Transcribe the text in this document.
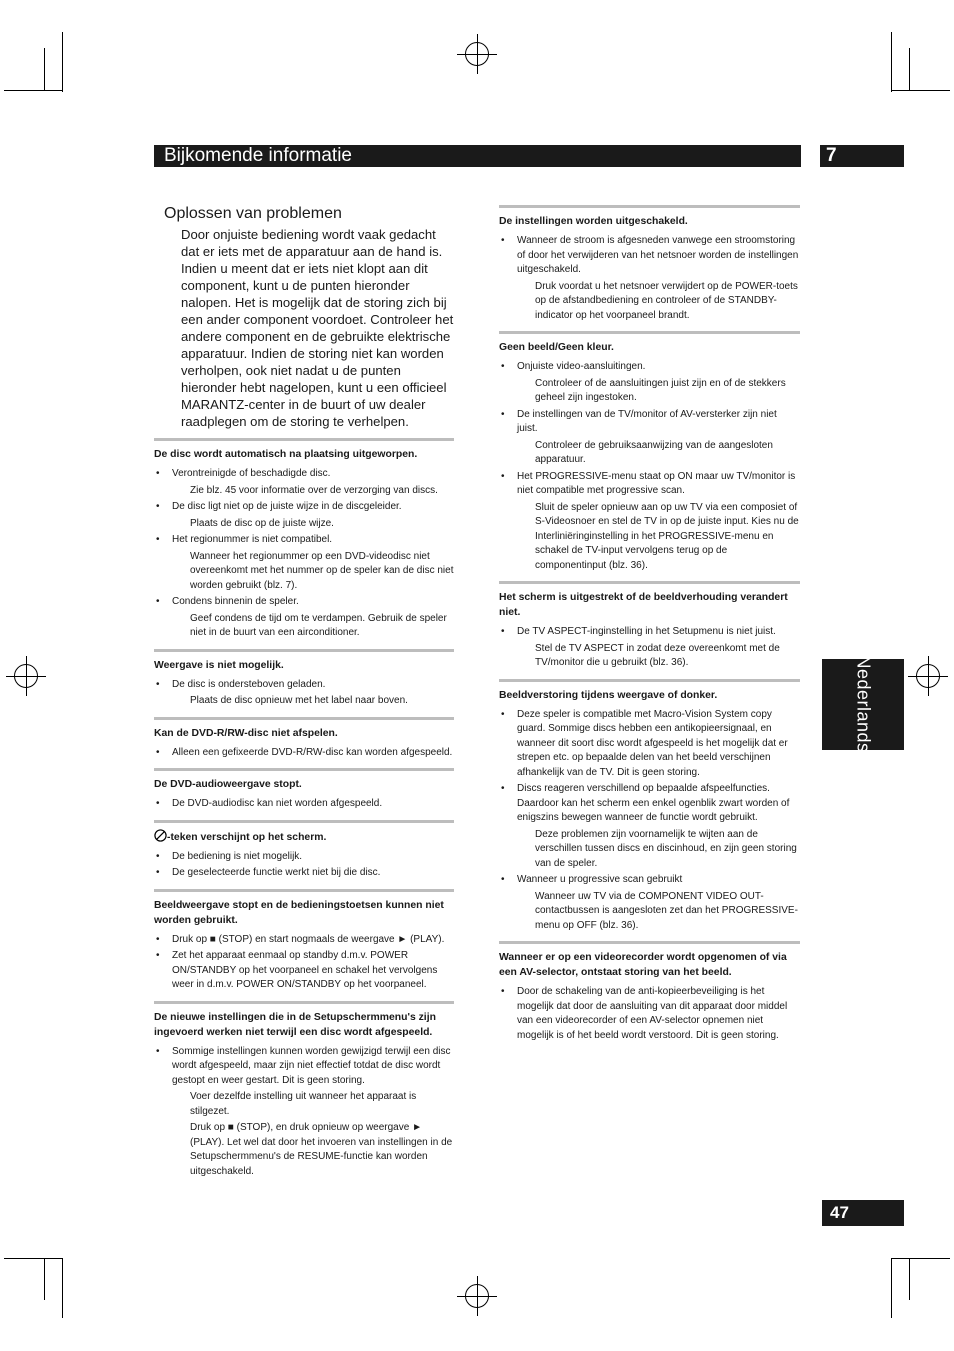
Bijkomende informatie	7
Nederlands
47
Oplossen van problemen
Door onjuiste bediening wordt vaak gedacht dat er iets met de apparatuur aan de hand is. Indien u meent dat er iets niet klopt aan dit component, kunt u de punten hieronder nalopen. Het is mogelijk dat de storing zich bij een ander component voordoet. Controleer het andere component en de gebruikte elektrische apparatuur. Indien de storing niet kan worden verholpen, ook niet nadat u de punten hieronder hebt nagelopen, kunt u een officieel MARANTZ-center in de buurt of uw dealer raadplegen om de storing te verhelpen.
De disc wordt automatisch na plaatsing uitgeworpen.
• Verontreinigde of beschadigde disc.
Zie blz. 45 voor informatie over de verzorging van discs.
• De disc ligt niet op de juiste wijze in de discgeleider.
Plaats de disc op de juiste wijze.
• Het regionummer is niet compatibel.
Wanneer het regionummer op een DVD-videodisc niet overeenkomt met het nummer op de speler kan de disc niet worden gebruikt (blz. 7).
• Condens binnenin de speler.
Geef condens de tijd om te verdampen. Gebruik de speler niet in de buurt van een airconditioner.
Weergave is niet mogelijk.
• De disc is ondersteboven geladen.
Plaats de disc opnieuw met het label naar boven.
Kan de DVD-R/RW-disc niet afspelen.
• Alleen een gefixeerde DVD-R/RW-disc kan worden afgespeeld.
De DVD-audioweergave stopt.
• De DVD-audiodisc kan niet worden afgespeeld.
-teken verschijnt op het scherm.
• De bediening is niet mogelijk.
• De geselecteerde functie werkt niet bij die disc.
Beeldweergave stopt en de bedieningstoetsen kunnen niet worden gebruikt.
• Druk op ■ (STOP) en start nogmaals de weergave ► (PLAY).
• Zet het apparaat eenmaal op standby d.m.v. POWER ON/STANDBY op het voorpaneel en schakel het vervolgens weer in d.m.v. POWER ON/STANDBY op het voorpaneel.
De nieuwe instellingen die in de Setupschermmenu's zijn ingevoerd werken niet terwijl een disc wordt afgespeeld.
• Sommige instellingen kunnen worden gewijzigd terwijl een disc wordt afgespeeld, maar zijn niet effectief totdat de disc wordt gestopt en weer gestart. Dit is geen storing.
Voer dezelfde instelling uit wanneer het apparaat is stilgezet.
Druk op ■ (STOP), en druk opnieuw op weergave ► (PLAY). Let wel dat door het invoeren van instellingen in de Setupschermmenu's de RESUME-functie kan worden uitgeschakeld.
De instellingen worden uitgeschakeld.
• Wanneer de stroom is afgesneden vanwege een stroomstoring of door het verwijderen van het netsnoer worden de instellingen uitgeschakeld.
Druk voordat u het netsnoer verwijdert op de POWER-toets op de afstandbediening en controleer of de STANDBY-indicator op het voorpaneel brandt.
Geen beeld/Geen kleur.
• Onjuiste video-aansluitingen.
Controleer of de aansluitingen juist zijn en of de stekkers geheel zijn ingestoken.
• De instellingen van de TV/monitor of AV-versterker zijn niet juist.
Controleer de gebruiksaanwijzing van de aangesloten apparatuur.
• Het PROGRESSIVE-menu staat op ON maar uw TV/monitor is niet compatible met progressive scan.
Sluit de speler opnieuw aan op uw TV via een composiet of S-Videosnoer en stel de TV in op de juiste input. Kies nu de Interliniëringinstelling in het PROGRESSIVE-menu en schakel de TV-input vervolgens terug op de componentinput (blz. 36).
Het scherm is uitgestrekt of de beeldverhouding verandert niet.
• De TV ASPECT-inginstelling in het Setupmenu is niet juist.
Stel de TV ASPECT in zodat deze overeenkomt met de TV/monitor die u gebruikt (blz. 36).
Beeldverstoring tijdens weergave of donker.
• Deze speler is compatible met Macro-Vision System copy guard. Sommige discs hebben een antikopieersignaal, en wanneer dit soort disc wordt afgespeeld is het mogelijk dat er strepen etc. op bepaalde delen van het beeld verschijnen afhankelijk van de TV. Dit is geen storing.
• Discs reageren verschillend op bepaalde afspeelfuncties. Daardoor kan het scherm een enkel ogenblik zwart worden of enigszins bewegen wanneer de functie wordt gebruikt.
Deze problemen zijn voornamelijk te wijten aan de verschillen tussen discs en discinhoud, en zijn geen storing van de speler.
• Wanneer u progressive scan gebruikt
Wanneer uw TV via de COMPONENT VIDEO OUT-contactbussen is aangesloten zet dan het PROGRESSIVE-menu op OFF (blz. 36).
Wanneer er op een videorecorder wordt opgenomen of via een AV-selector, ontstaat storing van het beeld.
• Door de schakeling van de anti-kopieerbeveiliging is het mogelijk dat door de aansluiting van dit apparaat door middel van een videorecorder of een AV-selector opnemen niet mogelijk is of het beeld wordt verstoord. Dit is geen storing.
